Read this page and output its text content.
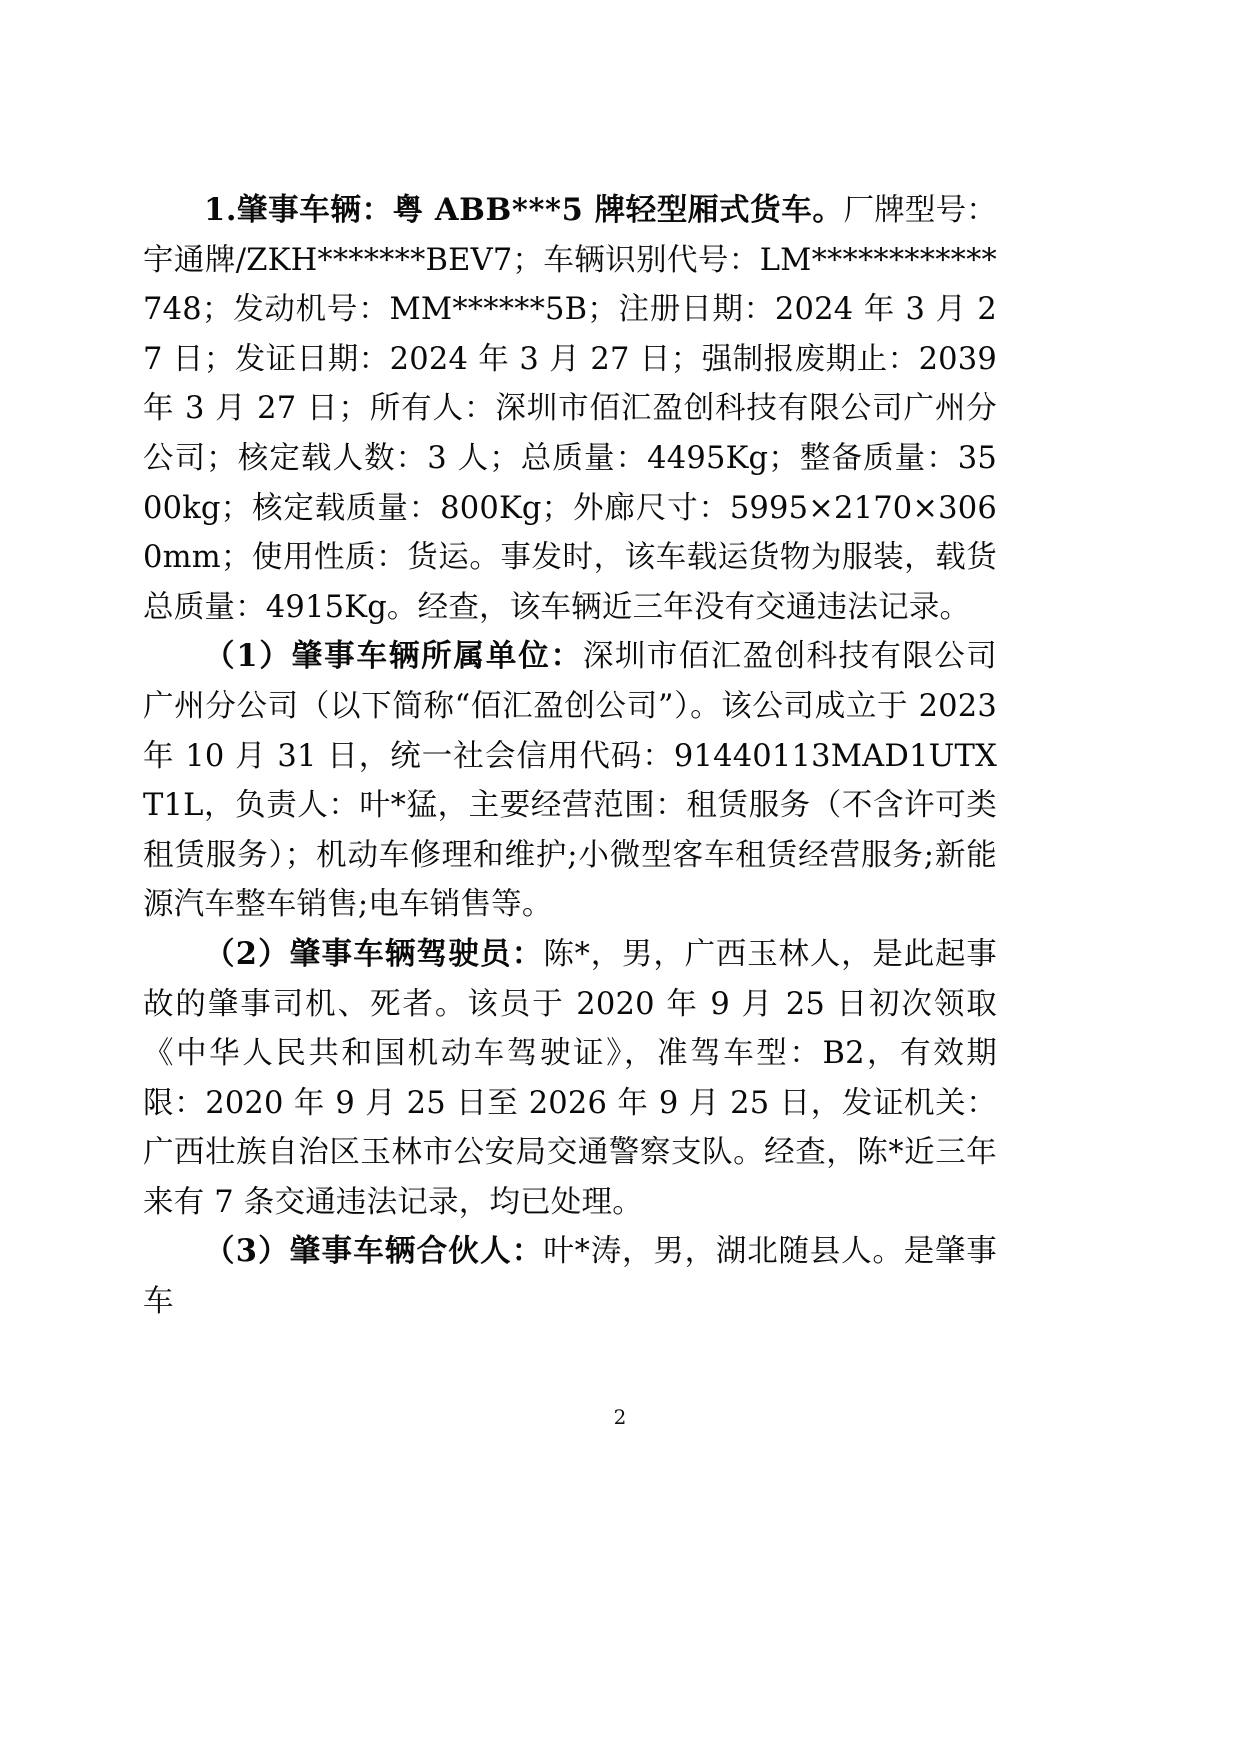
1.肇事车辆：粤 ABB***5 牌轻型厢式货车。厂牌型号：宇通牌/ZKH*******BEV7；车辆识别代号：LM************748；发动机号：MM******5B；注册日期：2024 年 3 月 27 日；发证日期：2024 年 3 月 27 日；强制报废期止：2039 年 3 月 27 日；所有人：深圳市佰汇盈创科技有限公司广州分公司；核定载人数：3 人；总质量：4495Kg；整备质量：3500kg；核定载质量：800Kg；外廊尺寸：5995×2170×3060mm；使用性质：货运。事发时，该车载运货物为服装，载货总质量：4915Kg。经查，该车辆近三年没有交通违法记录。

（1）肇事车辆所属单位：深圳市佰汇盈创科技有限公司广州分公司（以下简称“佰汇盈创公司”）。该公司成立于 2023 年 10 月 31 日，统一社会信用代码：91440113MAD1UTXT1L，负责人：叶*猛，主要经营范围：租赁服务（不含许可类租赁服务）；机动车修理和维护;小微型客车租赁经营服务;新能源汽车整车销售;电车销售等。

（2）肇事车辆驾驶员：陈*，男，广西玉林人，是此起事故的肇事司机、死者。该员于 2020 年 9 月 25 日初次领取《中华人民共和国机动车驾驶证》，准驾车型：B2，有效期限：2020 年 9 月 25 日至 2026 年 9 月 25 日，发证机关：广西壮族自治区玉林市公安局交通警察支队。经查，陈*近三年来有 7 条交通违法记录，均已处理。

（3）肇事车辆合伙人：叶*涛，男，湖北随县人。是肇事车

2
